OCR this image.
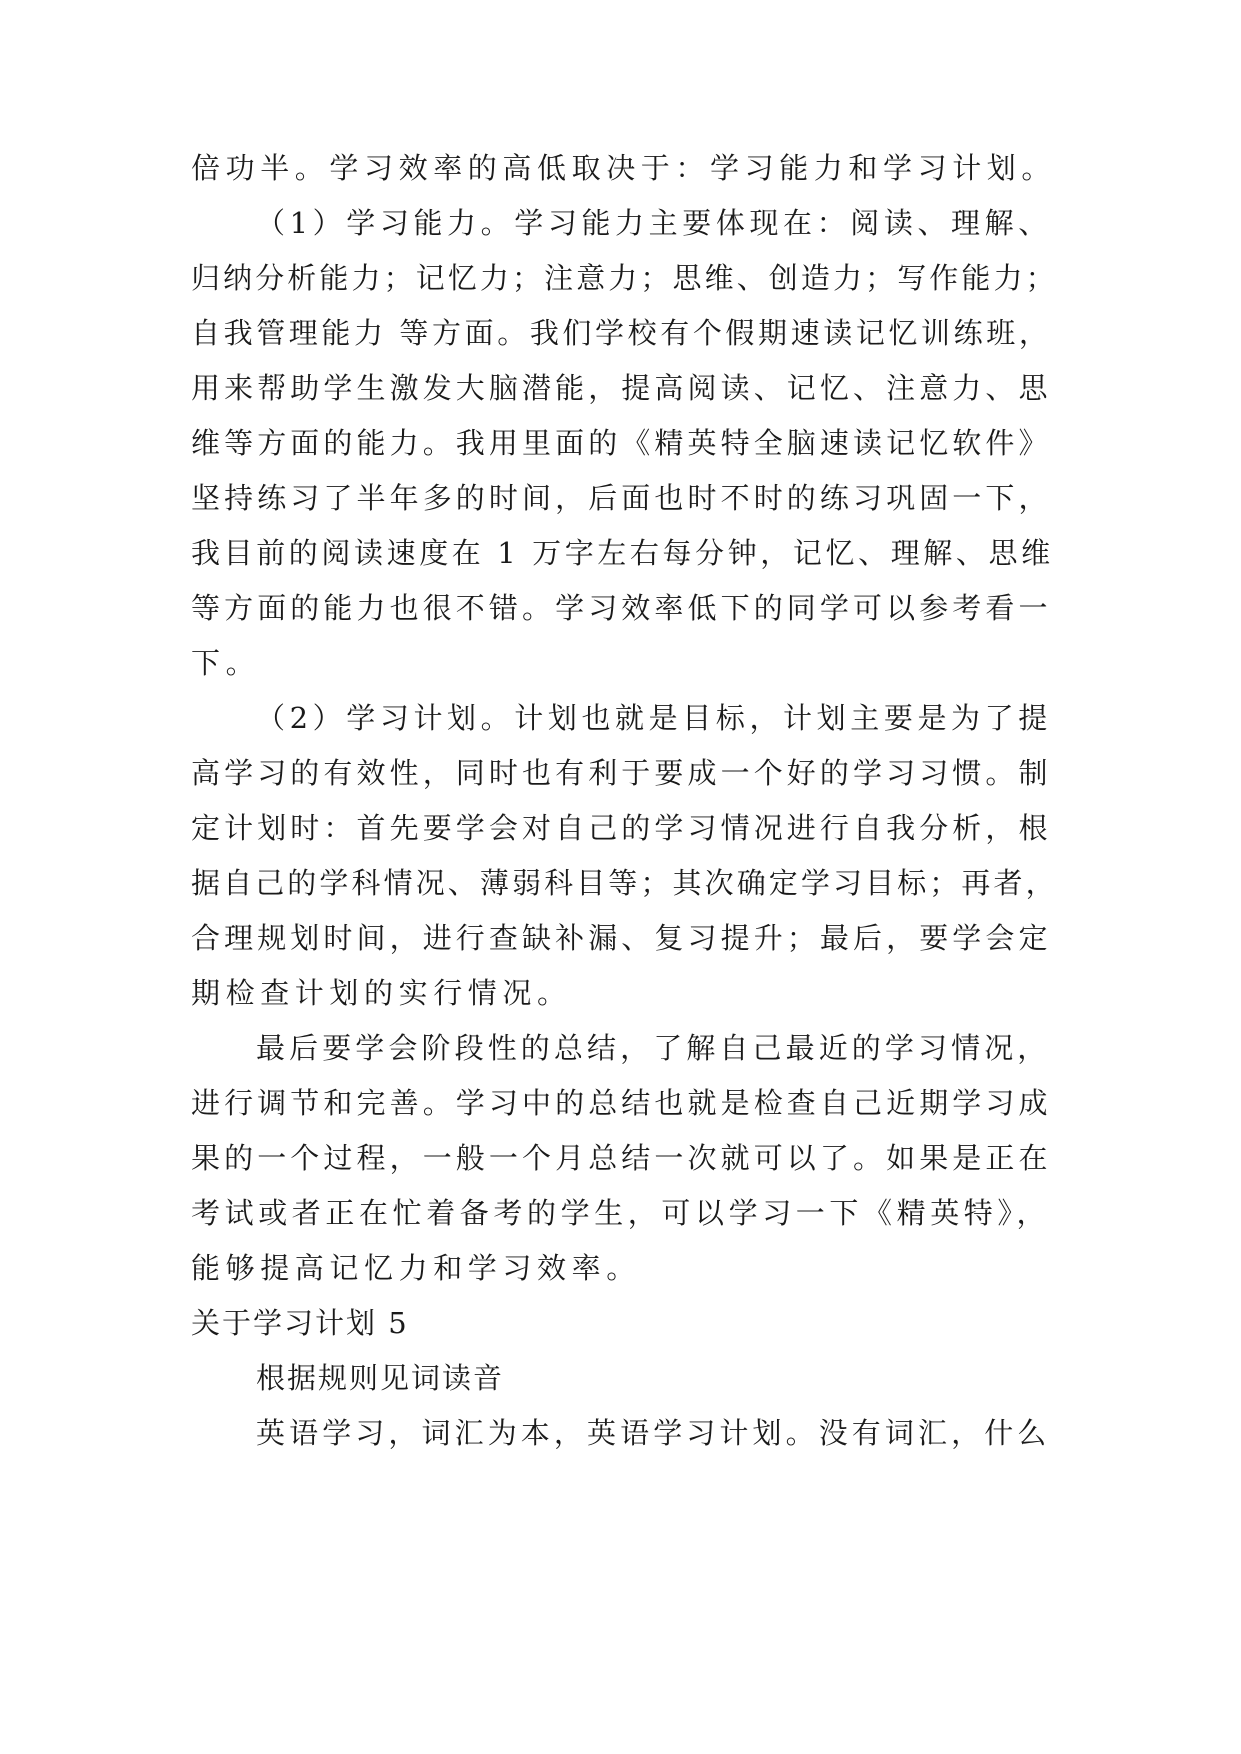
倍功半。学习效率的高低取决于：学习能力和学习计划。
（1）学习能力。学习能力主要体现在：阅读、理解、
归纳分析能力；记忆力；注意力；思维、创造力；写作能力；
自我管理能力 等方面。我们学校有个假期速读记忆训练班，
用来帮助学生激发大脑潜能，提高阅读、记忆、注意力、思
维等方面的能力。我用里面的《精英特全脑速读记忆软件》
坚持练习了半年多的时间，后面也时不时的练习巩固一下，
我目前的阅读速度在 1 万字左右每分钟，记忆、理解、思维
等方面的能力也很不错。学习效率低下的同学可以参考看一
下。
（2）学习计划。计划也就是目标，计划主要是为了提
高学习的有效性，同时也有利于要成一个好的学习习惯。制
定计划时：首先要学会对自己的学习情况进行自我分析，根
据自己的学科情况、薄弱科目等；其次确定学习目标；再者，
合理规划时间，进行查缺补漏、复习提升；最后，要学会定
期检查计划的实行情况。
最后要学会阶段性的总结，了解自己最近的学习情况，
进行调节和完善。学习中的总结也就是检查自己近期学习成
果的一个过程，一般一个月总结一次就可以了。如果是正在
考试或者正在忙着备考的学生，可以学习一下《精英特》，
能够提高记忆力和学习效率。
关于学习计划 5
根据规则见词读音
英语学习，词汇为本，英语学习计划。没有词汇，什么
